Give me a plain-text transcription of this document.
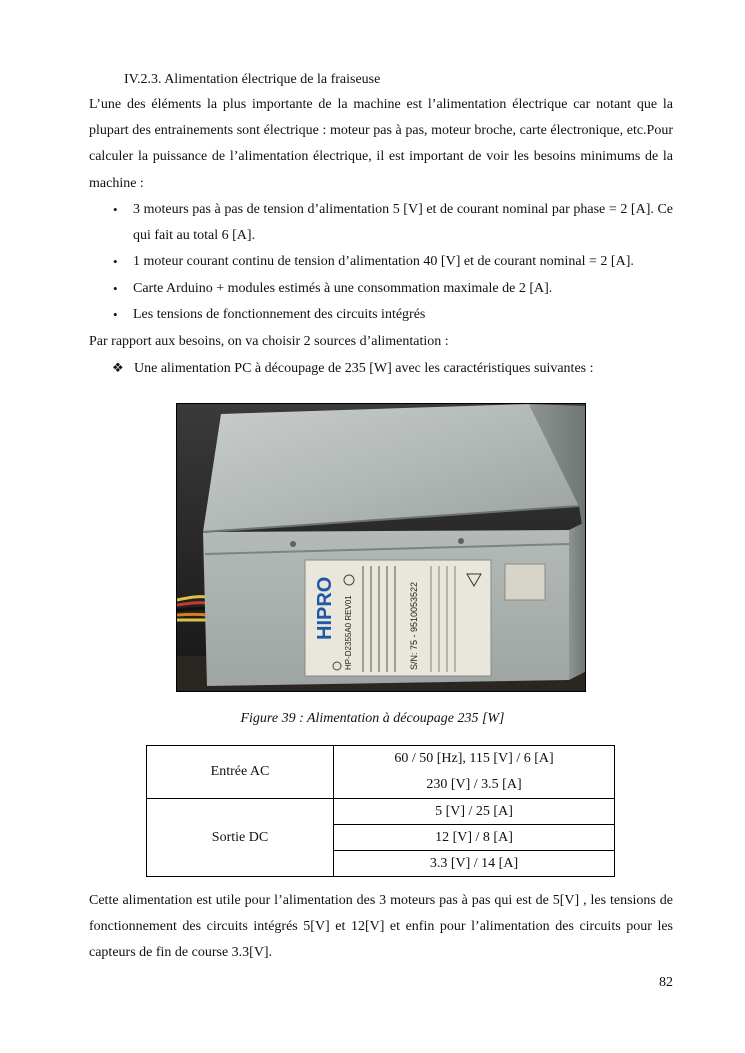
IV.2.3. Alimentation électrique de la fraiseuse

L’une des éléments la plus importante de la machine est l’alimentation électrique car notant que la plupart des entrainements sont électrique : moteur pas à pas, moteur broche, carte électronique, etc.Pour calculer la puissance de l’alimentation électrique, il est important de voir les besoins minimums de la machine :

• 3 moteurs pas à pas de tension d’alimentation 5 [V] et de courant nominal par phase = 2 [A]. Ce qui fait au total 6 [A].
• 1 moteur courant continu de tension d’alimentation 40 [V] et de courant nominal = 2 [A].
• Carte Arduino + modules estimés à une consommation maximale de 2 [A].
• Les tensions de fonctionnement des circuits intégrés

Par rapport aux besoins, on va choisir 2 sources d’alimentation :

❖ Une alimentation PC à découpage de 235 [W] avec les caractéristiques suivantes :
HIPRO HP-D2355A0 REV01	S/N: 75 - 9510053522
Figure 39 : Alimentation à découpage 235 [W]
Entrée AC	60 / 50 [Hz], 115 [V] / 6 [A]
	230 [V] / 3.5 [A]
Sortie DC	5 [V] / 25 [A]
	12 [V] / 8 [A]
	3.3 [V] / 14 [A]

Cette alimentation est utile pour l’alimentation des 3 moteurs pas à pas qui est de 5[V] , les tensions de fonctionnement des circuits intégrés 5[V] et 12[V] et enfin pour l’alimentation des circuits pour les capteurs de fin de course 3.3[V].

82
